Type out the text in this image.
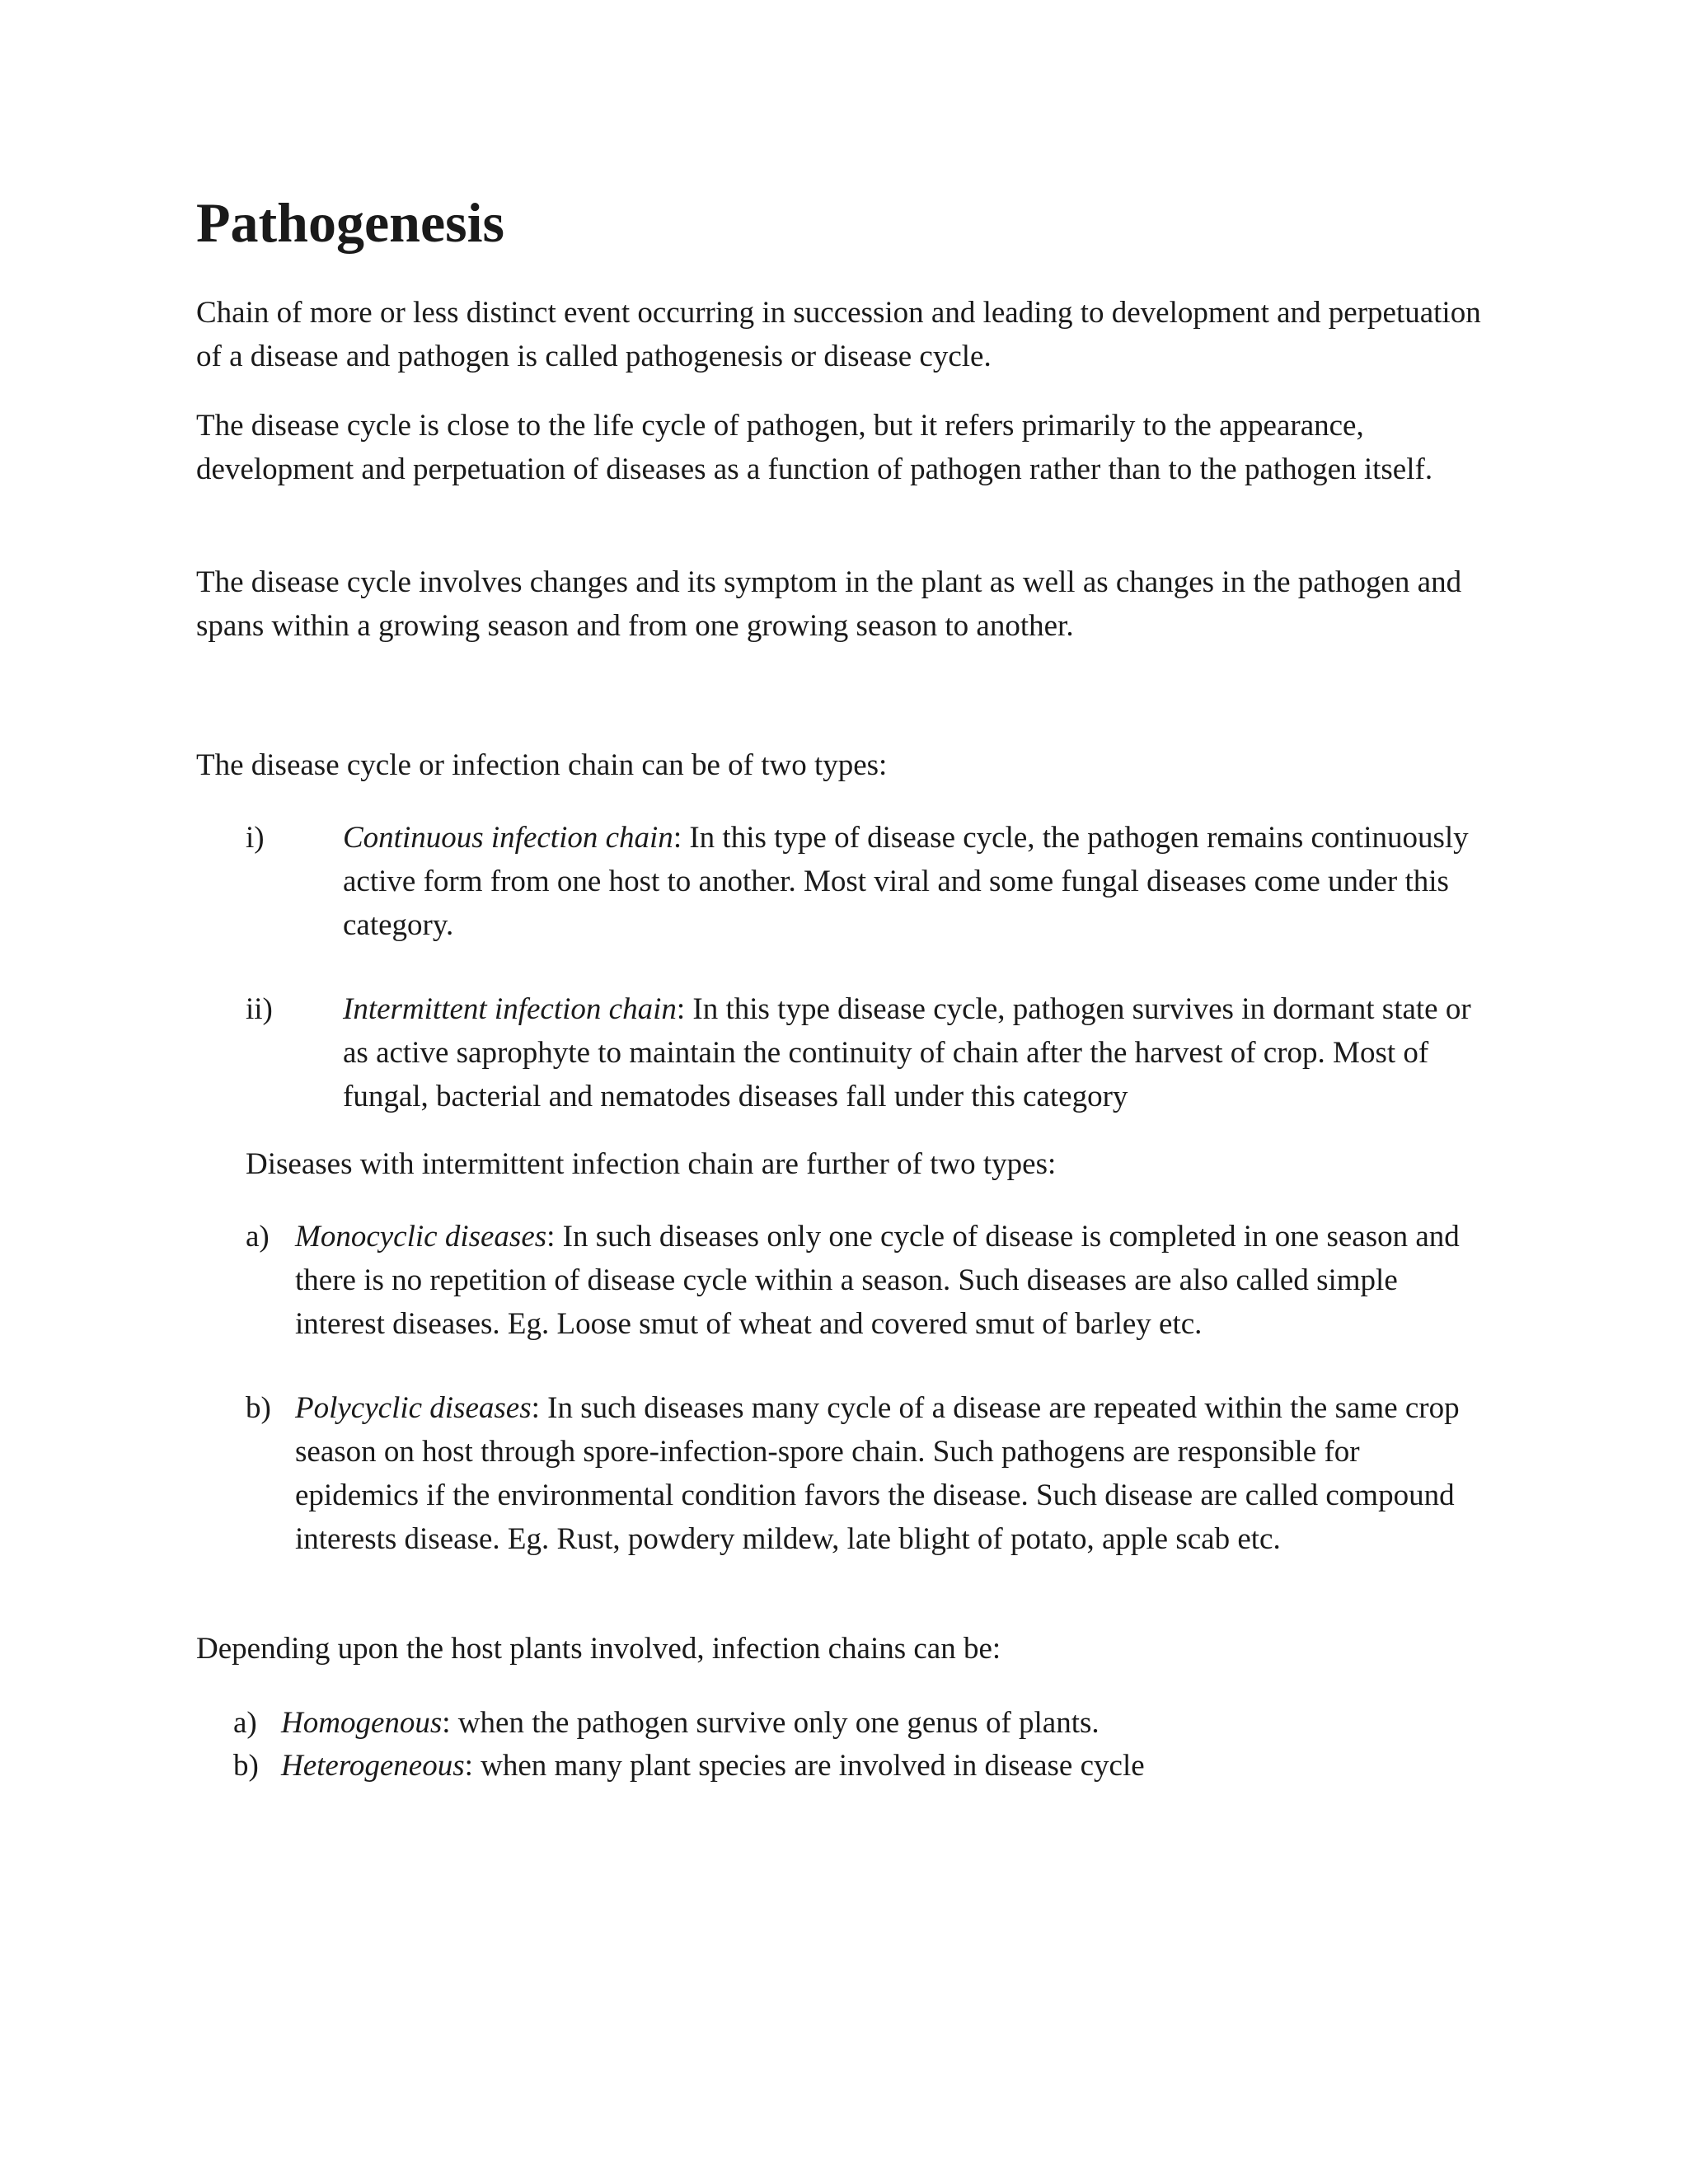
Pathogenesis

Chain of more or less distinct event occurring in succession and leading to development and perpetuation of a disease and pathogen is called pathogenesis or disease cycle.

The disease cycle is close to the life cycle of pathogen, but it refers primarily to the appearance, development and perpetuation of diseases as a function of pathogen rather than to the pathogen itself.

The disease cycle involves changes and its symptom in the plant as well as changes in the pathogen and spans within a growing season and from one growing season to another.

The disease cycle or infection chain can be of two types:

i)	Continuous infection chain: In this type of disease cycle, the pathogen remains continuously active form from one host to another. Most viral and some fungal diseases come under this category.
ii) Intermittent infection chain: In this type disease cycle, pathogen survives in dormant state or as active saprophyte to maintain the continuity of chain after the harvest of crop. Most of fungal, bacterial and nematodes diseases fall under this category
Diseases with intermittent infection chain are further of two types:
a) Monocyclic diseases: In such diseases only one cycle of disease is completed in one season and there is no repetition of disease cycle within a season. Such diseases are also called simple interest diseases. Eg. Loose smut of wheat and covered smut of barley etc.
b) Polycyclic diseases: In such diseases many cycle of a disease are repeated within the same crop season on host through spore-infection-spore chain. Such pathogens are responsible for epidemics if the environmental condition favors the disease. Such disease are called compound interests disease. Eg. Rust, powdery mildew, late blight of potato, apple scab etc.
Depending upon the host plants involved, infection chains can be:
a) Homogenous: when the pathogen survive only one genus of plants.
b) Heterogeneous: when many plant species are involved in disease cycle
